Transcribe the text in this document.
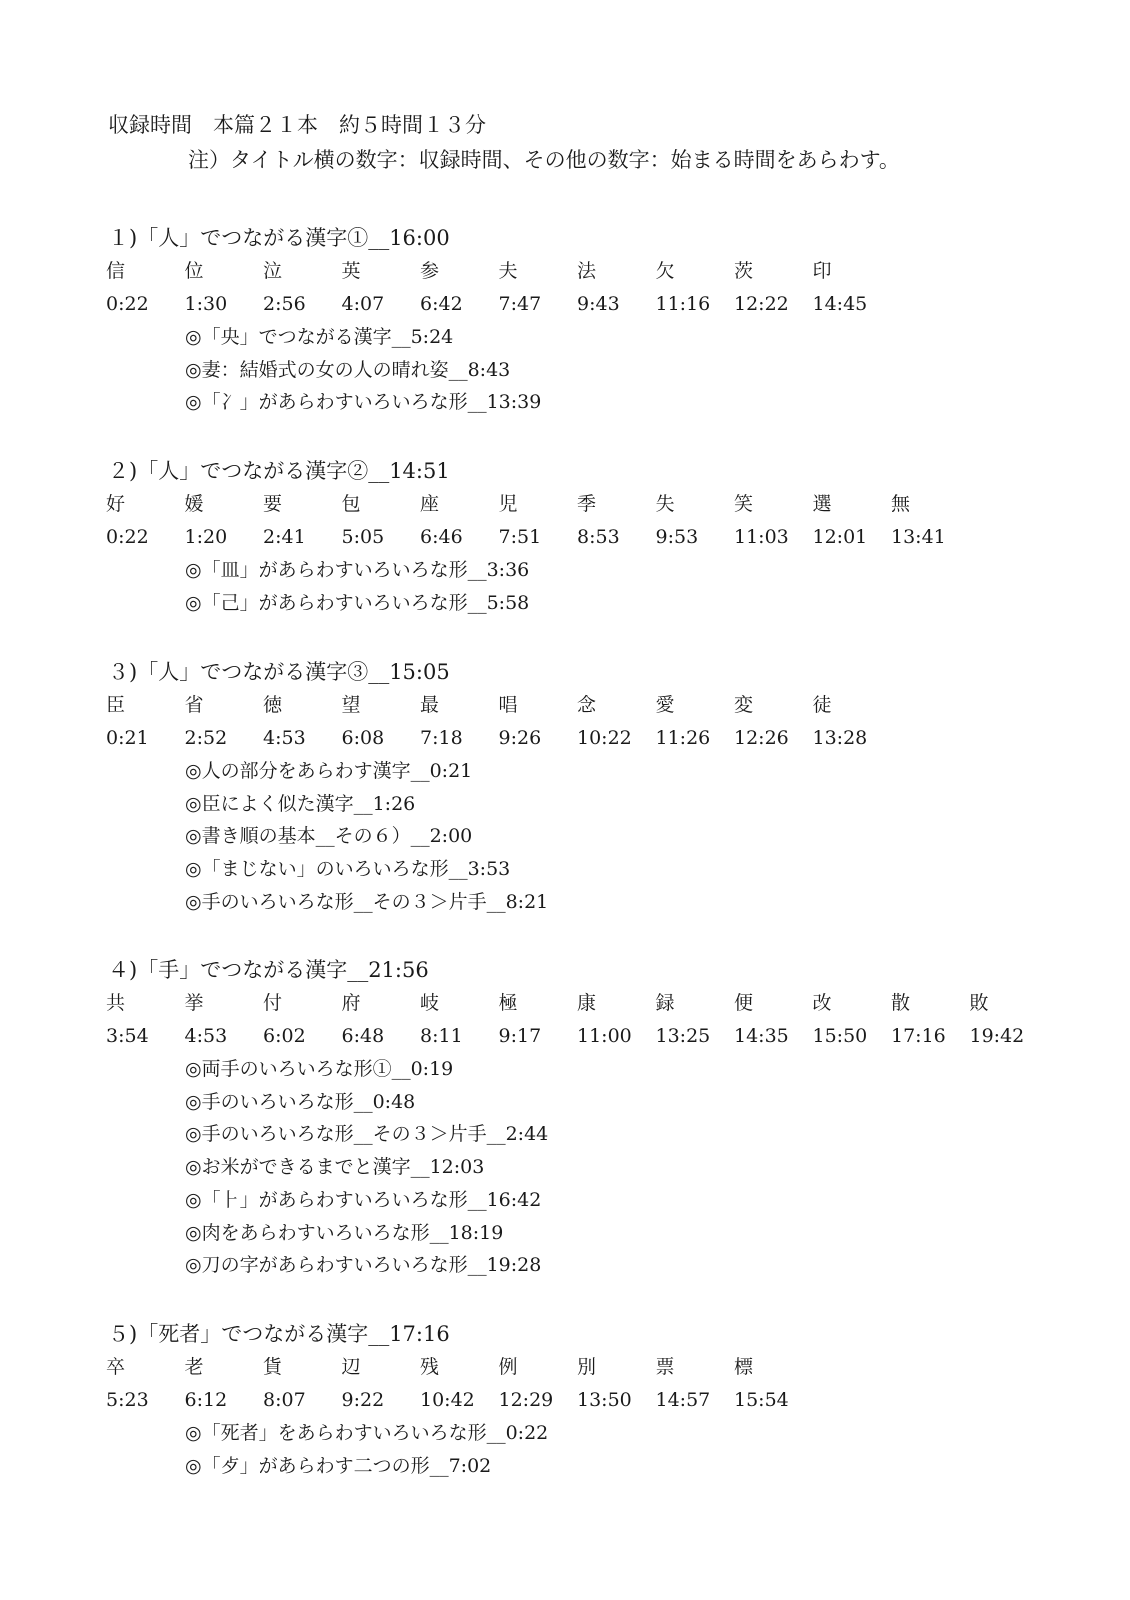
収録時間　本篇２１本　約５時間１３分
注）タイトル横の数字：収録時間、その他の数字：始まる時間をあらわす。
１)「人」でつながる漢字①__16:00
信	位	泣	英	参	夫	法	欠	茨	印
0:22 1:30 2:56 4:07 6:42 7:47 9:43 11:16 12:22 14:45
◎「央」でつながる漢字__5:24
◎妻：結婚式の女の人の晴れ姿__8:43
◎「冫」があらわすいろいろな形__13:39
２)「人」でつながる漢字②__14:51
好	媛	要	包	座	児	季	失	笑	選	無
0:22 1:20 2:41 5:05 6:46 7:51 8:53 9:53 11:03 12:01 13:41
◎「皿」があらわすいろいろな形__3:36
◎「己」があらわすいろいろな形__5:58
３)「人」でつながる漢字③__15:05
臣	省	徳	望	最	唱	念	愛	変	徒
0:21 2:52 4:53 6:08 7:18 9:26 10:22 11:26 12:26 13:28
◎人の部分をあらわす漢字__0:21
◎臣によく似た漢字__1:26
◎書き順の基本__その６）__2:00
◎「まじない」のいろいろな形__3:53
◎手のいろいろな形__その３＞片手__8:21
４)「手」でつながる漢字__21:56
共	挙	付	府	岐	極	康	録	便	改	散	敗
3:54 4:53 6:02 6:48 8:11 9:17 11:00 13:25 14:35 15:50 17:16 19:42
◎両手のいろいろな形①__0:19
◎手のいろいろな形__0:48
◎手のいろいろな形__その３＞片手__2:44
◎お米ができるまでと漢字__12:03
◎「⺊」があらわすいろいろな形__16:42
◎肉をあらわすいろいろな形__18:19
◎刀の字があらわすいろいろな形__19:28
５)「死者」でつながる漢字__17:16
卒	老	貨	辺	残	例	別	票	標
5:23 6:12 8:07 9:22 10:42 12:29 13:50 14:57 15:54
◎「死者」をあらわすいろいろな形__0:22
◎「歺」があらわす二つの形__7:02
